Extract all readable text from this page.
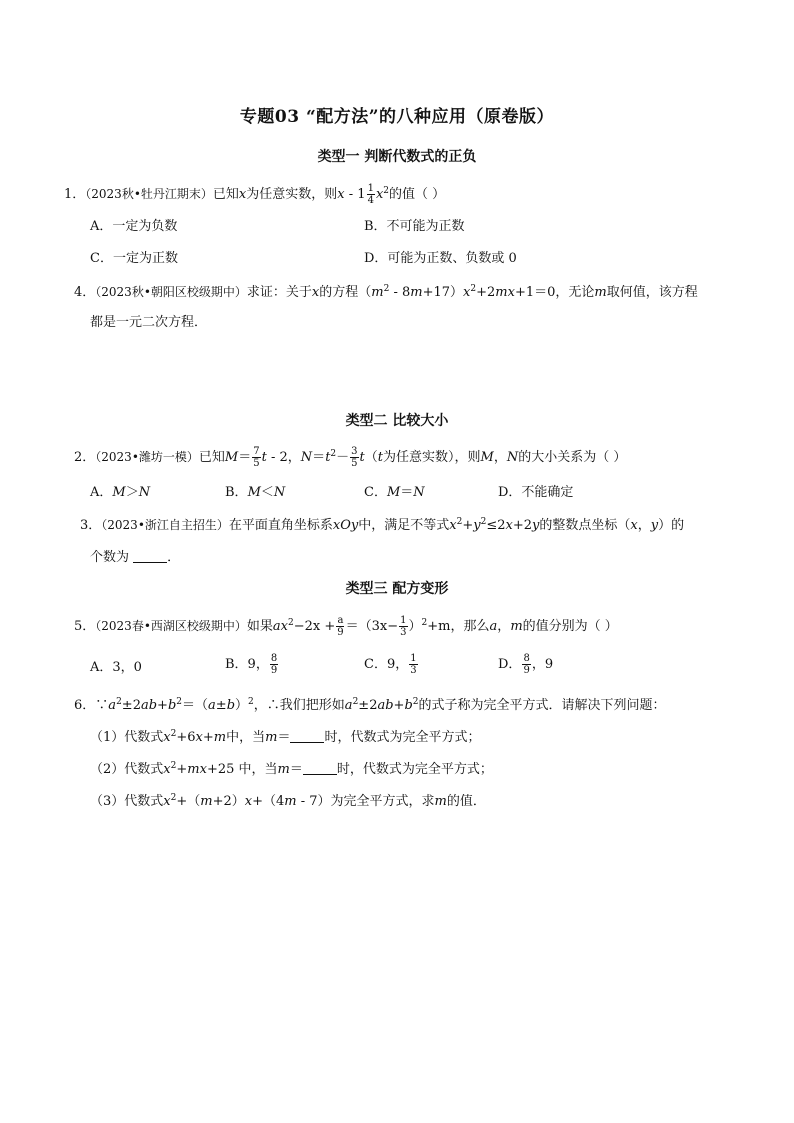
专题03 “配方法”的八种应用（原卷版）
类型一 判断代数式的正负
1．（2023秋•牡丹江期末）已知x为任意实数，则x - $1 \frac{1}{4} x^2$的值（ ）
A．一定为负数	B．不可能为正数
C．一定为正数	D．可能为正数、负数或 0
4．（2023秋•朝阳区校级期中）求证：关于x的方程$(m^2 - 8m+17)x^2+2mx+1=0$，无论m取何值，该方程
都是一元二次方程．
类型二 比较大小
2．（2023•潍坊一模）已知$M= \frac{7}{5}$ t - 2，$N=t^2- \frac{3}{5} t(t$为任意实数），则M，N的大小关系为（ ）
A．M＞N	B．M＜N	C．M＝N	D．不能确定
3．（2023•浙江自主招生）在平面直角坐标系xOy中，满足不等式$x^2+y^2\le 2x+2y$的整数点坐标（x，y）的
个数为	．
类型三 配方变形
5．（2023春•西湖区校级期中）如果$ax^2-2x + \frac{a}{9} =(3x- \frac{1}{3} )^2+m$，那么a，m的值分别为（ ）
A．3，0	B．9， $\frac{8}{9}$	C．9， $\frac{1}{3}$	D． $\frac{8}{9}$ ，9
6．$\because a^2\pm 2ab+b^2=(a\pm b)^2$，∴我们把形如$a^2\pm 2ab+b^2$的式子称为完全平方式．请解决下列问题：
（1）代数式$x^2+6x+m$中，当m＝	时，代数式为完全平方式；
（2）代数式$x^2+mx+25$ 中，当m＝	时，代数式为完全平方式；
（3）代数式$x^2+(m+2)x+(4m - 7)$为完全平方式，求m的值．
